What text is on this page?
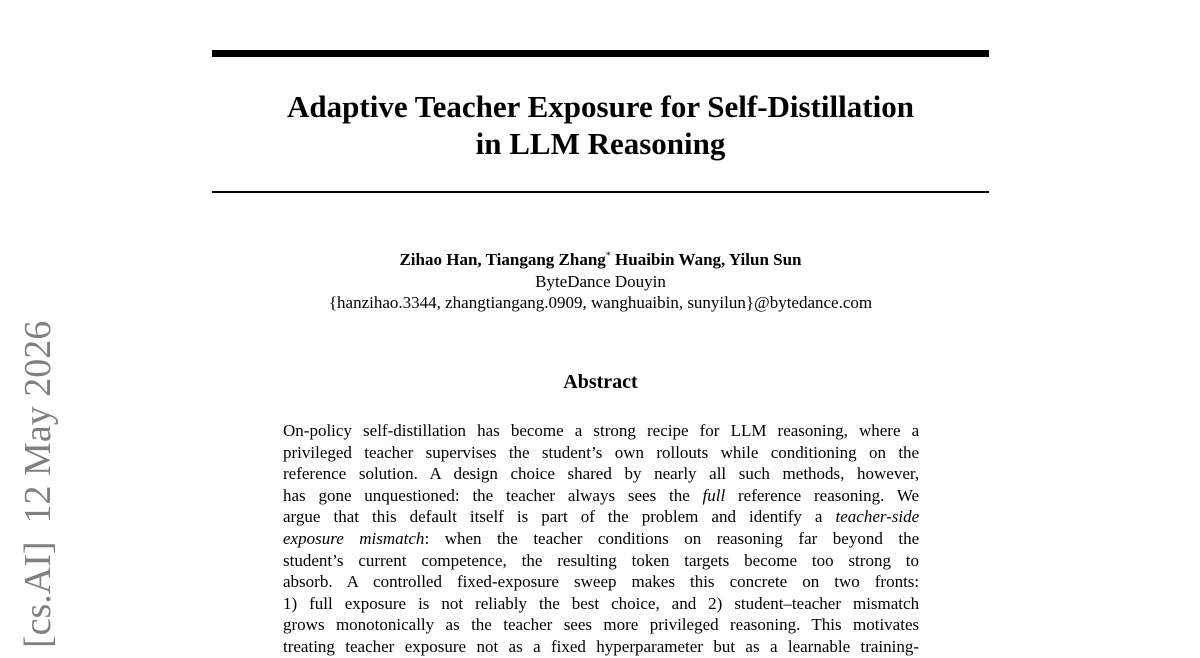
Adaptive Teacher Exposure for Self-Distillation
in LLM Reasoning
Zihao Han, Tiangang Zhang* Huaibin Wang, Yilun Sun
ByteDance Douyin
{hanzihao.3344, zhangtiangang.0909, wanghuaibin, sunyilun}@bytedance.com
Abstract
On-policy self-distillation has become a strong recipe for LLM reasoning, where a
privileged teacher supervises the student’s own rollouts while conditioning on the
reference solution. A design choice shared by nearly all such methods, however,
has gone unquestioned: the teacher always sees the full reference reasoning. We
argue that this default itself is part of the problem and identify a teacher-side
exposure mismatch: when the teacher conditions on reasoning far beyond the
student’s current competence, the resulting token targets become too strong to
absorb. A controlled fixed-exposure sweep makes this concrete on two fronts:
1) full exposure is not reliably the best choice, and 2) student–teacher mismatch
grows monotonically as the teacher sees more privileged reasoning. This motivates
treating teacher exposure not as a fixed hyperparameter but as a learnable training-
[cs.AI]12 May 2026
